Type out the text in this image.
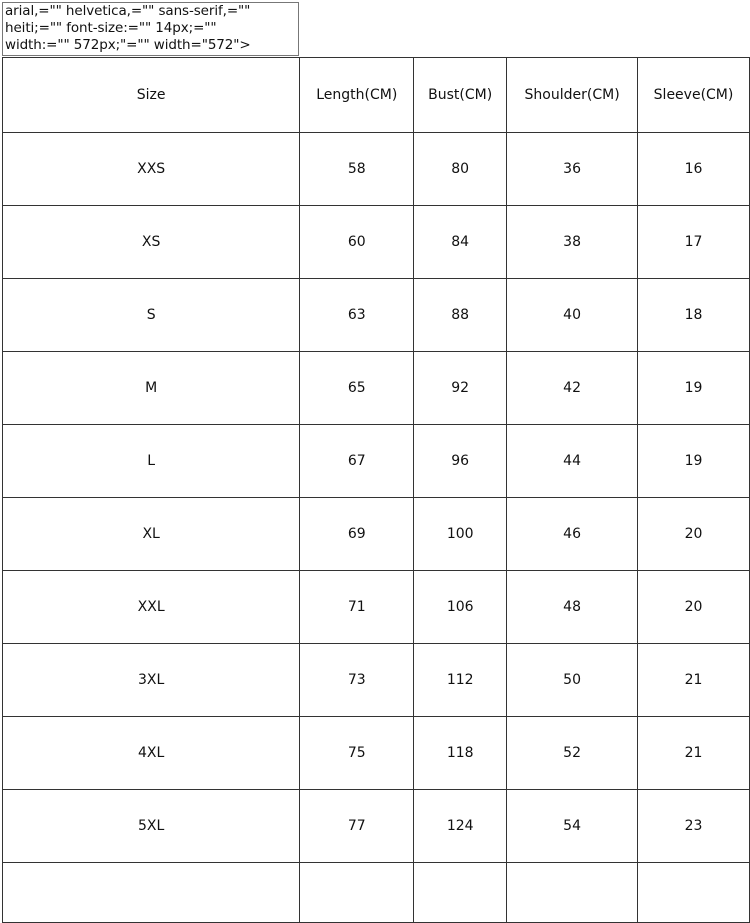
arial,="" helvetica,="" sans-serif,=""
heiti;="" font-size:="" 14px;=""
width:="" 572px;"="" width="572">
Size	Length(CM)	Bust(CM)	Shoulder(CM)	Sleeve(CM)
XXS	58	80	36	16
XS	60	84	38	17
S	63	88	40	18
M	65	92	42	19
L	67	96	44	19
XL	69	100	46	20
XXL	71	106	48	20
3XL	73	112	50	21
4XL	75	118	52	21
5XL	77	124	54	23
